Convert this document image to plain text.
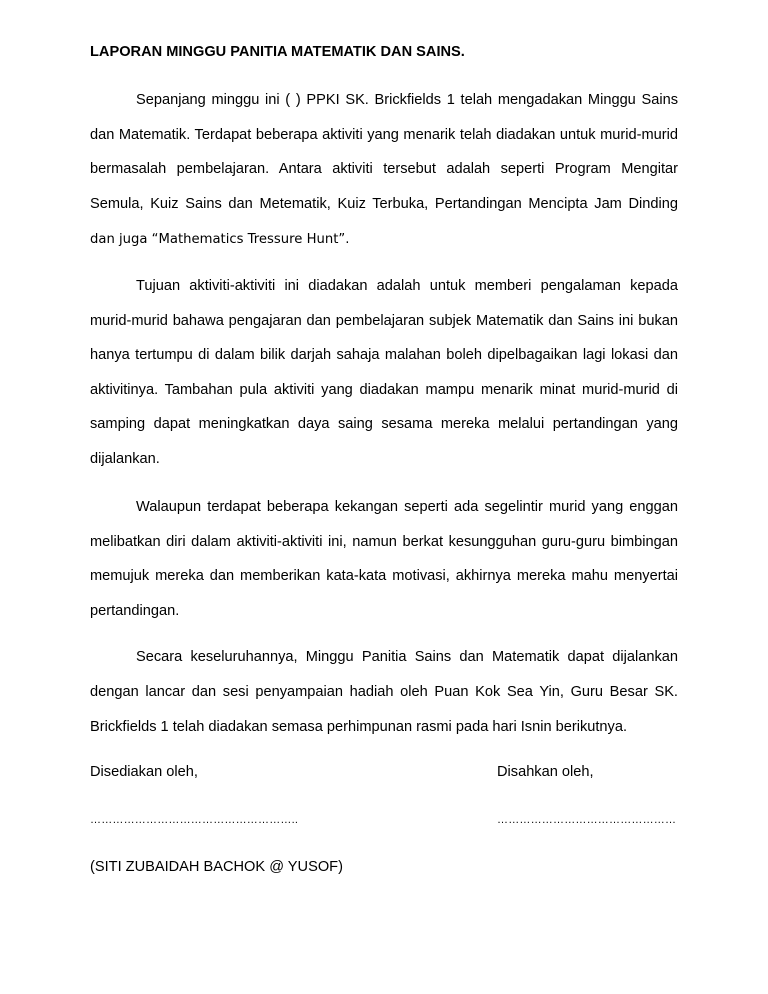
LAPORAN MINGGU PANITIA MATEMATIK DAN SAINS.

Sepanjang minggu ini ( ) PPKI SK. Brickfields 1 telah mengadakan Minggu Sains dan Matematik. Terdapat beberapa aktiviti yang menarik telah diadakan untuk murid-murid bermasalah pembelajaran. Antara aktiviti tersebut adalah seperti Program Mengitar Semula, Kuiz Sains dan Metematik, Kuiz Terbuka, Pertandingan Mencipta Jam Dinding dan juga “Mathematics Tressure Hunt”.

Tujuan aktiviti-aktiviti ini diadakan adalah untuk memberi pengalaman kepada murid-murid bahawa pengajaran dan pembelajaran subjek Matematik dan Sains ini bukan hanya tertumpu di dalam bilik darjah sahaja malahan boleh dipelbagaikan lagi lokasi dan aktivitinya. Tambahan pula aktiviti yang diadakan mampu menarik minat murid-murid di samping dapat meningkatkan daya saing sesama mereka melalui pertandingan yang dijalankan.

Walaupun terdapat beberapa kekangan seperti ada segelintir murid yang enggan melibatkan diri dalam aktiviti-aktiviti ini, namun berkat kesungguhan guru-guru bimbingan memujuk mereka dan memberikan kata-kata motivasi, akhirnya mereka mahu menyertai pertandingan.

Secara keseluruhannya, Minggu Panitia Sains dan Matematik dapat dijalankan dengan lancar dan sesi penyampaian hadiah oleh Puan Kok Sea Yin, Guru Besar SK. Brickfields 1 telah diadakan semasa perhimpunan rasmi pada hari Isnin berikutnya.

Disediakan oleh,	Disahkan oleh,
………………………………………………..	…………………………………………
(SITI ZUBAIDAH BACHOK @ YUSOF)
